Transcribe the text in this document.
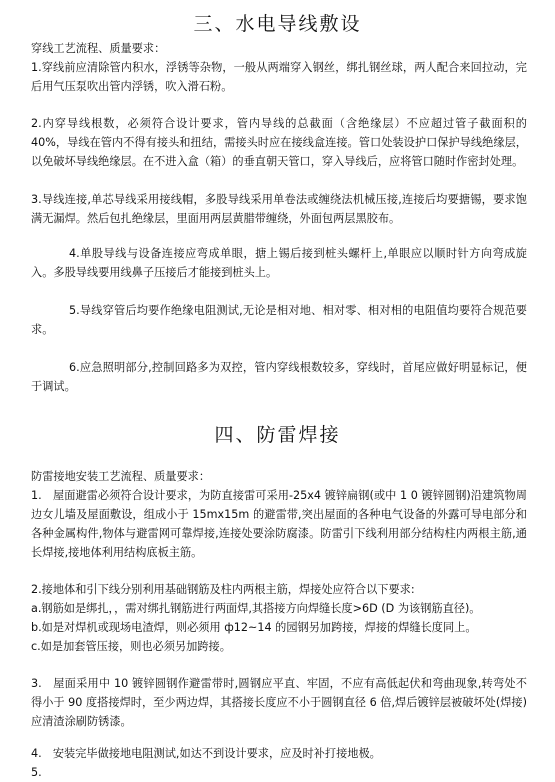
三、水电导线敷设

穿线工艺流程、质量要求：

1.穿线前应清除管内积水，浮锈等杂物，一般从两端穿入钢丝，绑扎钢丝球，两人配合来回拉动，完后用气压泵吹出管内浮锈，吹入滑石粉。

2.内穿导线根数，必须符合设计要求，管内导线的总截面（含绝缘层）不应超过管子截面积的 40%，导线在管内不得有接头和扭结，需接头时应在接线盒连接。管口处装设护口保护导线绝缘层，以免破坏导线绝缘层。在不进入盒（箱）的垂直朝天管口，穿入导线后，应将管口随时作密封处理。

3.导线连接,单芯导线采用接线帽，多股导线采用单卷法或缠绕法机械压接,连接后均要搪锡，要求饱满无漏焊。然后包扎绝缘层，里面用两层黄腊带缠绕，外面包两层黑胶布。

4.单股导线与设备连接应弯成单眼，搪上锡后接到桩头螺杆上,单眼应以顺时针方向弯成旋入。多股导线要用线鼻子压接后才能接到桩头上。

5.导线穿管后均要作绝缘电阻测试,无论是相对地、相对零、相对相的电阻值均要符合规范要求。

6.应急照明部分,控制回路多为双控，管内穿线根数较多，穿线时，首尾应做好明显标记，便于调试。

四、防雷焊接

防雷接地安装工艺流程、质量要求：

1.　屋面避雷必须符合设计要求，为防直接雷可采用-25x4 镀锌扁钢(或中 1 0 镀锌圆钢)沿建筑物周边女儿墙及屋面敷设，组成小于 15mx15m 的避雷带,突出屋面的各种电气设备的外露可导电部分和各种金属构件,物体与避雷网可靠焊接,连接处要涂防腐漆。防雷引下线利用部分结构柱内两根主筋,通长焊接,接地体利用结构底板主筋。

2.接地体和引下线分别利用基础钢筋及柱内两根主筋，焊接处应符合以下要求:

a.钢筋如是绑扎，，需对绑扎钢筋进行两面焊,其搭接方向焊缝长度>6D (D 为该钢筋直径)。

b.如是对焊机或现场电渣焊，则必须用 ф12~14 的园钢另加跨接，焊接的焊缝长度同上。

c.如是加套管压接，则也必须另加跨接。

3.　屋面采用中 10 镀锌圆钢作避雷带时,圆钢应平直、牢固，不应有高低起伏和弯曲现象,转弯处不得小于 90 度搭接焊时，至少两边焊，其搭接长度应不小于圆钢直径 6 倍,焊后镀锌层被破坏处(焊接)应清渣涂刷防锈漆。

4.　安装完毕做接地电阻测试,如达不到设计要求，应及时补打接地极。

5.
